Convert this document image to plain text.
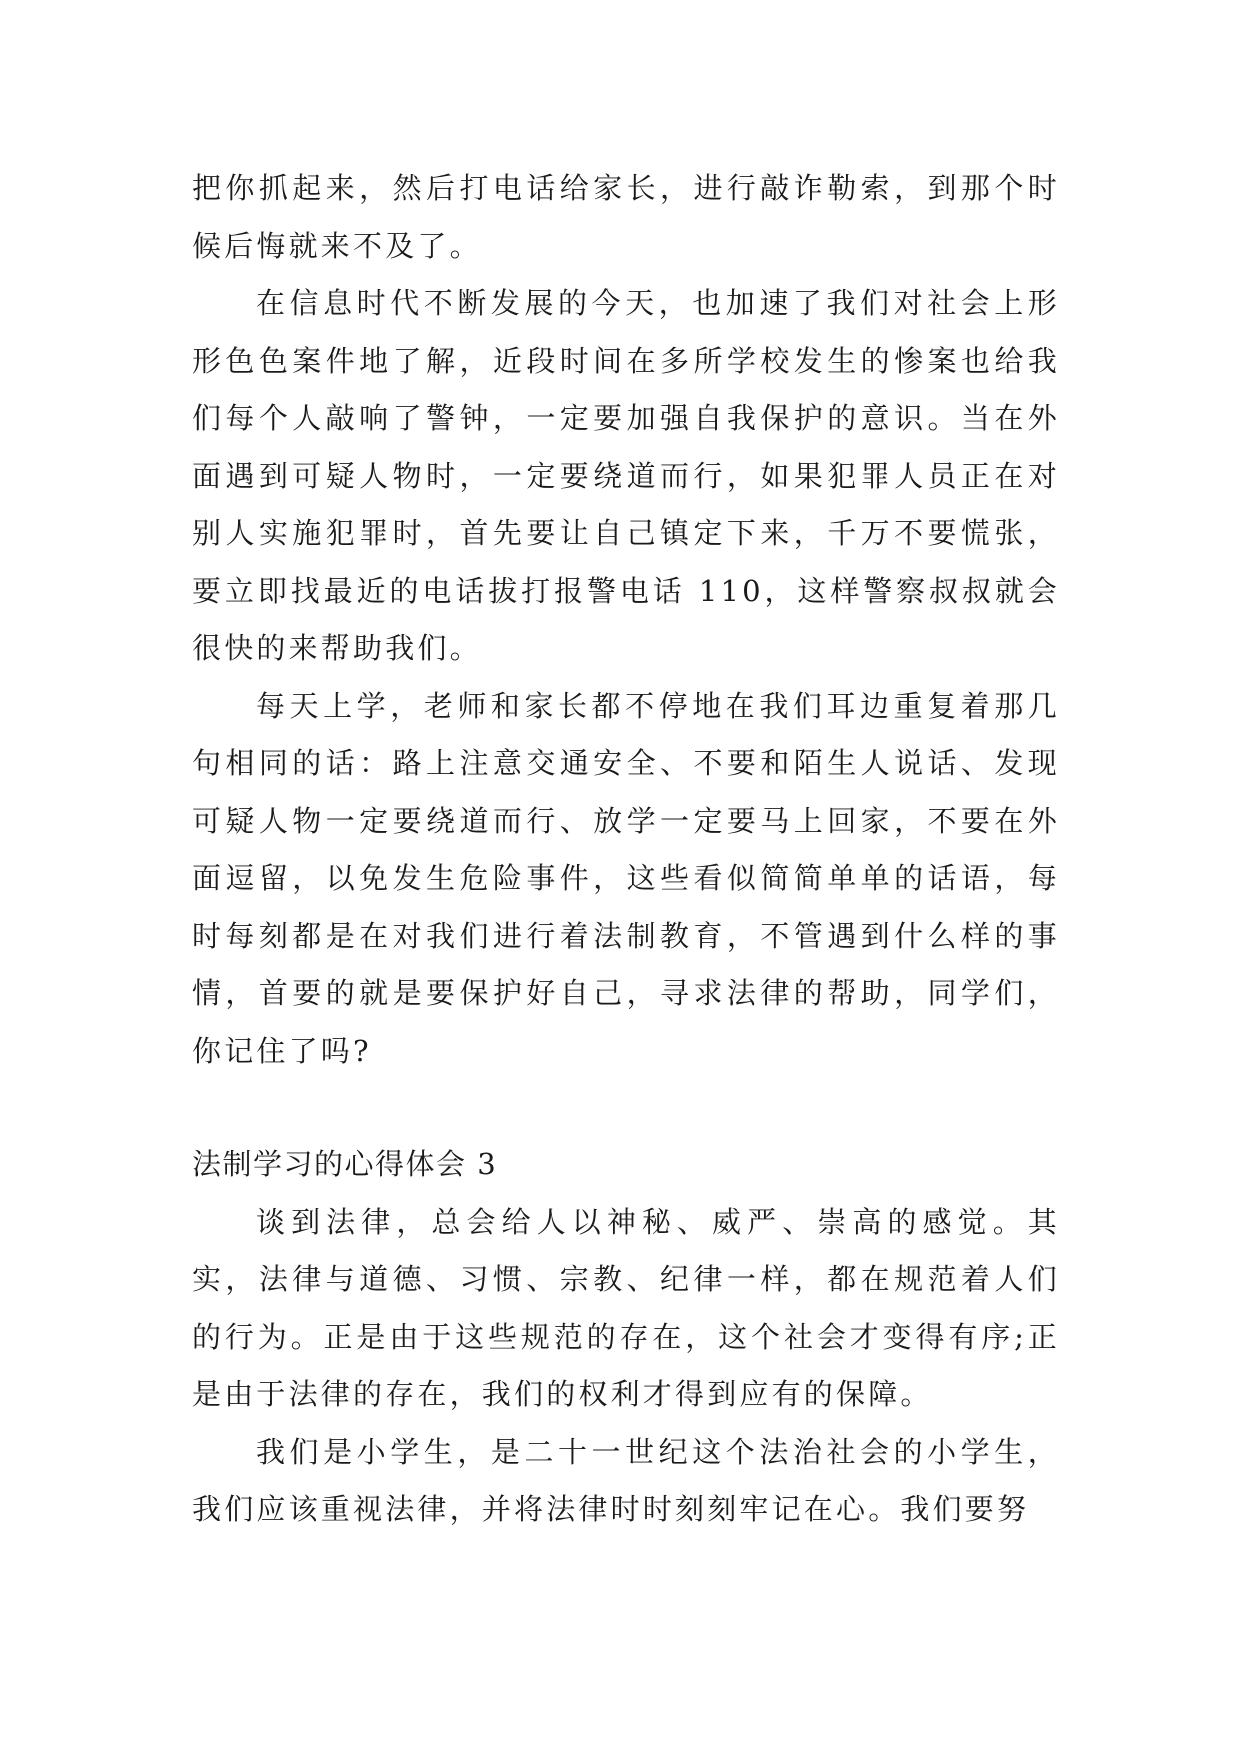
把你抓起来，然后打电话给家长，进行敲诈勒索，到那个时候后悔就来不及了。

在信息时代不断发展的今天，也加速了我们对社会上形形色色案件地了解，近段时间在多所学校发生的惨案也给我们每个人敲响了警钟，一定要加强自我保护的意识。当在外面遇到可疑人物时，一定要绕道而行，如果犯罪人员正在对别人实施犯罪时，首先要让自己镇定下来，千万不要慌张，要立即找最近的电话拔打报警电话 110，这样警察叔叔就会很快的来帮助我们。

每天上学，老师和家长都不停地在我们耳边重复着那几句相同的话：路上注意交通安全、不要和陌生人说话、发现可疑人物一定要绕道而行、放学一定要马上回家，不要在外面逗留，以免发生危险事件，这些看似简简单单的话语，每时每刻都是在对我们进行着法制教育，不管遇到什么样的事情，首要的就是要保护好自己，寻求法律的帮助，同学们，你记住了吗?

法制学习的心得体会 3

谈到法律，总会给人以神秘、威严、崇高的感觉。其实，法律与道德、习惯、宗教、纪律一样，都在规范着人们的行为。正是由于这些规范的存在，这个社会才变得有序;正是由于法律的存在，我们的权利才得到应有的保障。

我们是小学生，是二十一世纪这个法治社会的小学生，我们应该重视法律，并将法律时时刻刻牢记在心。我们要努
